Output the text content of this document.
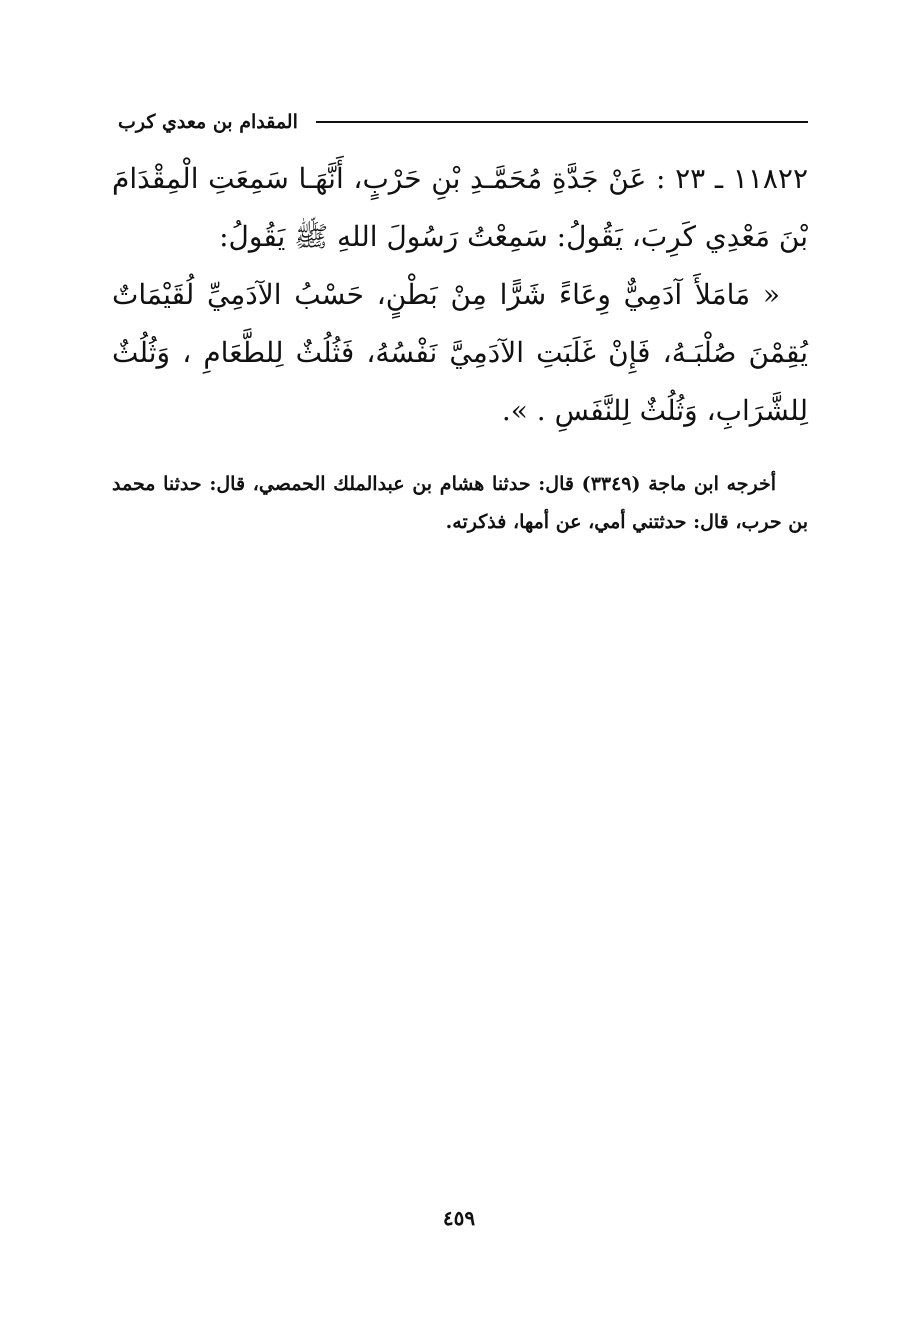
المقدام بن معدي كرب

١١٨٢٢ ـ ٢٣ : عَنْ جَدَّةِ مُحَمَّـدِ بْنِ حَرْبٍ، أَنَّهَـا سَمِعَتِ الْمِقْدَامَ بْنَ مَعْدِي كَرِبَ، يَقُولُ: سَمِعْتُ رَسُولَ اللهِ ﷺ يَقُولُ:

« مَامَلأَ آدَمِيٌّ وِعَاءً شَرًّا مِنْ بَطْنٍ، حَسْبُ الآدَمِيِّ لُقَيْمَاتٌ يُقِمْنَ صُلْبَـهُ، فَإِنْ غَلَبَتِ الآدَمِيَّ نَفْسُهُ، فَثُلُثٌ لِلطَّعَامِ ، وَثُلُثٌ لِلشَّرَابِ، وَثُلُثٌ لِلنَّفَسِ . ».

أخرجه ابن ماجة (٣٣٤٩) قال: حدثنا هشام بن عبدالملك الحمصي، قال: حدثنا محمد بن حرب، قال: حدثتني أمي، عن أمها، فذكرته.

٤٥٩
